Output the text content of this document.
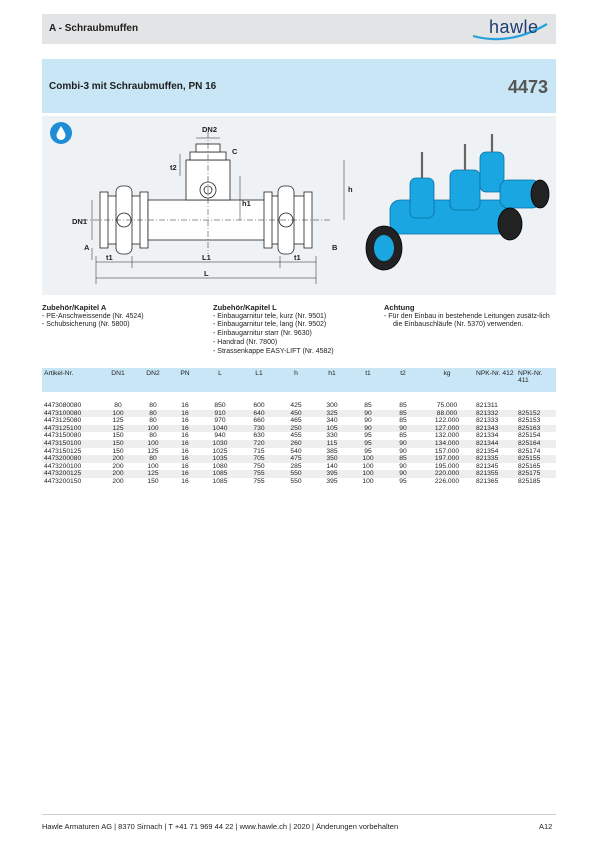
A - Schraubmuffen	hawle
Combi-3 mit Schraubmuffen, PN 16	4473
DN2
C
t2
h
h1
DN1
A	B
t1	L1	t1
L
Zubehör/Kapitel A
- PE-Anschweissende (Nr. 4524)
- Schubsicherung (Nr. 5800)
Zubehör/Kapitel L
- Einbaugarnitur tele, kurz (Nr. 9501)
- Einbaugarnitur tele, lang (Nr. 9502)
- Einbaugarnitur starr (Nr. 9630)
- Handrad (Nr. 7800)
- Strassenkappe EASY-LIFT (Nr. 4582)
Achtung
- Für den Einbau in bestehende Leitungen zusätz-lich die Einbauschläufe (Nr. 5370) verwenden.
Artikel-Nr.	DN1	DN2	PN	L	L1	h	h1	t1	t2	kg	NPK-Nr. 412	NPK-Nr. 411

4473080080	80	80	16	850	600	425	300	85	85	75.000	821311	
4473100080	100	80	16	910	640	450	325	90	85	88.000	821332	825152
4473125080	125	80	16	970	660	465	340	90	85	122.000	821333	825153
4473125100	125	100	16	1040	730	250	105	90	90	127.000	821343	825163
4473150080	150	80	16	940	630	455	330	95	85	132.000	821334	825154
4473150100	150	100	16	1030	720	260	115	95	90	134.000	821344	825164
4473150125	150	125	16	1025	715	540	385	95	90	157.000	821354	825174
4473200080	200	80	16	1035	705	475	350	100	85	197.000	821335	825155
4473200100	200	100	16	1080	750	285	140	100	90	195.000	821345	825165
4473200125	200	125	16	1085	755	550	395	100	90	220.000	821355	825175
4473200150	200	150	16	1085	755	550	395	100	95	226.000	821365	825185
Hawle Armaturen AG | 8370 Sirnach | T +41 71 969 44 22 | www.hawle.ch | 2020 | Änderungen vorbehalten	A12
